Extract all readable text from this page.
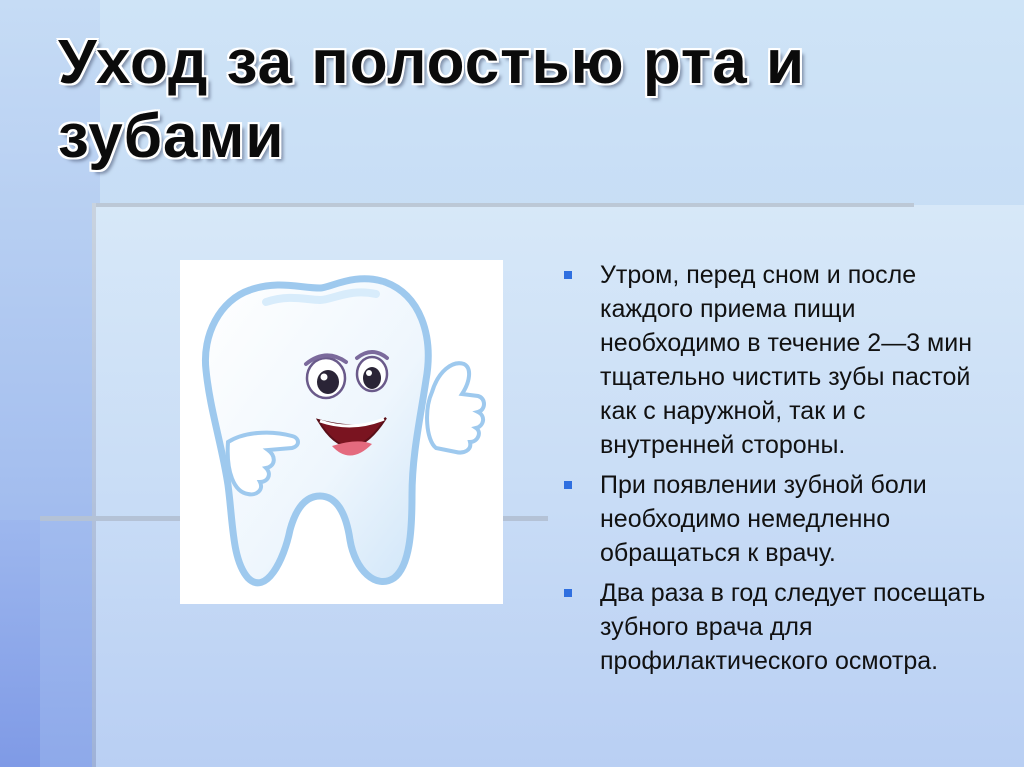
Уход за полостью рта и зубами
Утром, перед сном и после каждого приема пищи необходимо в течение 2—3 мин тщательно чистить зубы пастой как с наружной, так и с внутренней стороны.
При появлении зубной боли необходимо немедленно обращаться к врачу.
Два раза в год следует посещать зубного врача для профилактического осмотра.
